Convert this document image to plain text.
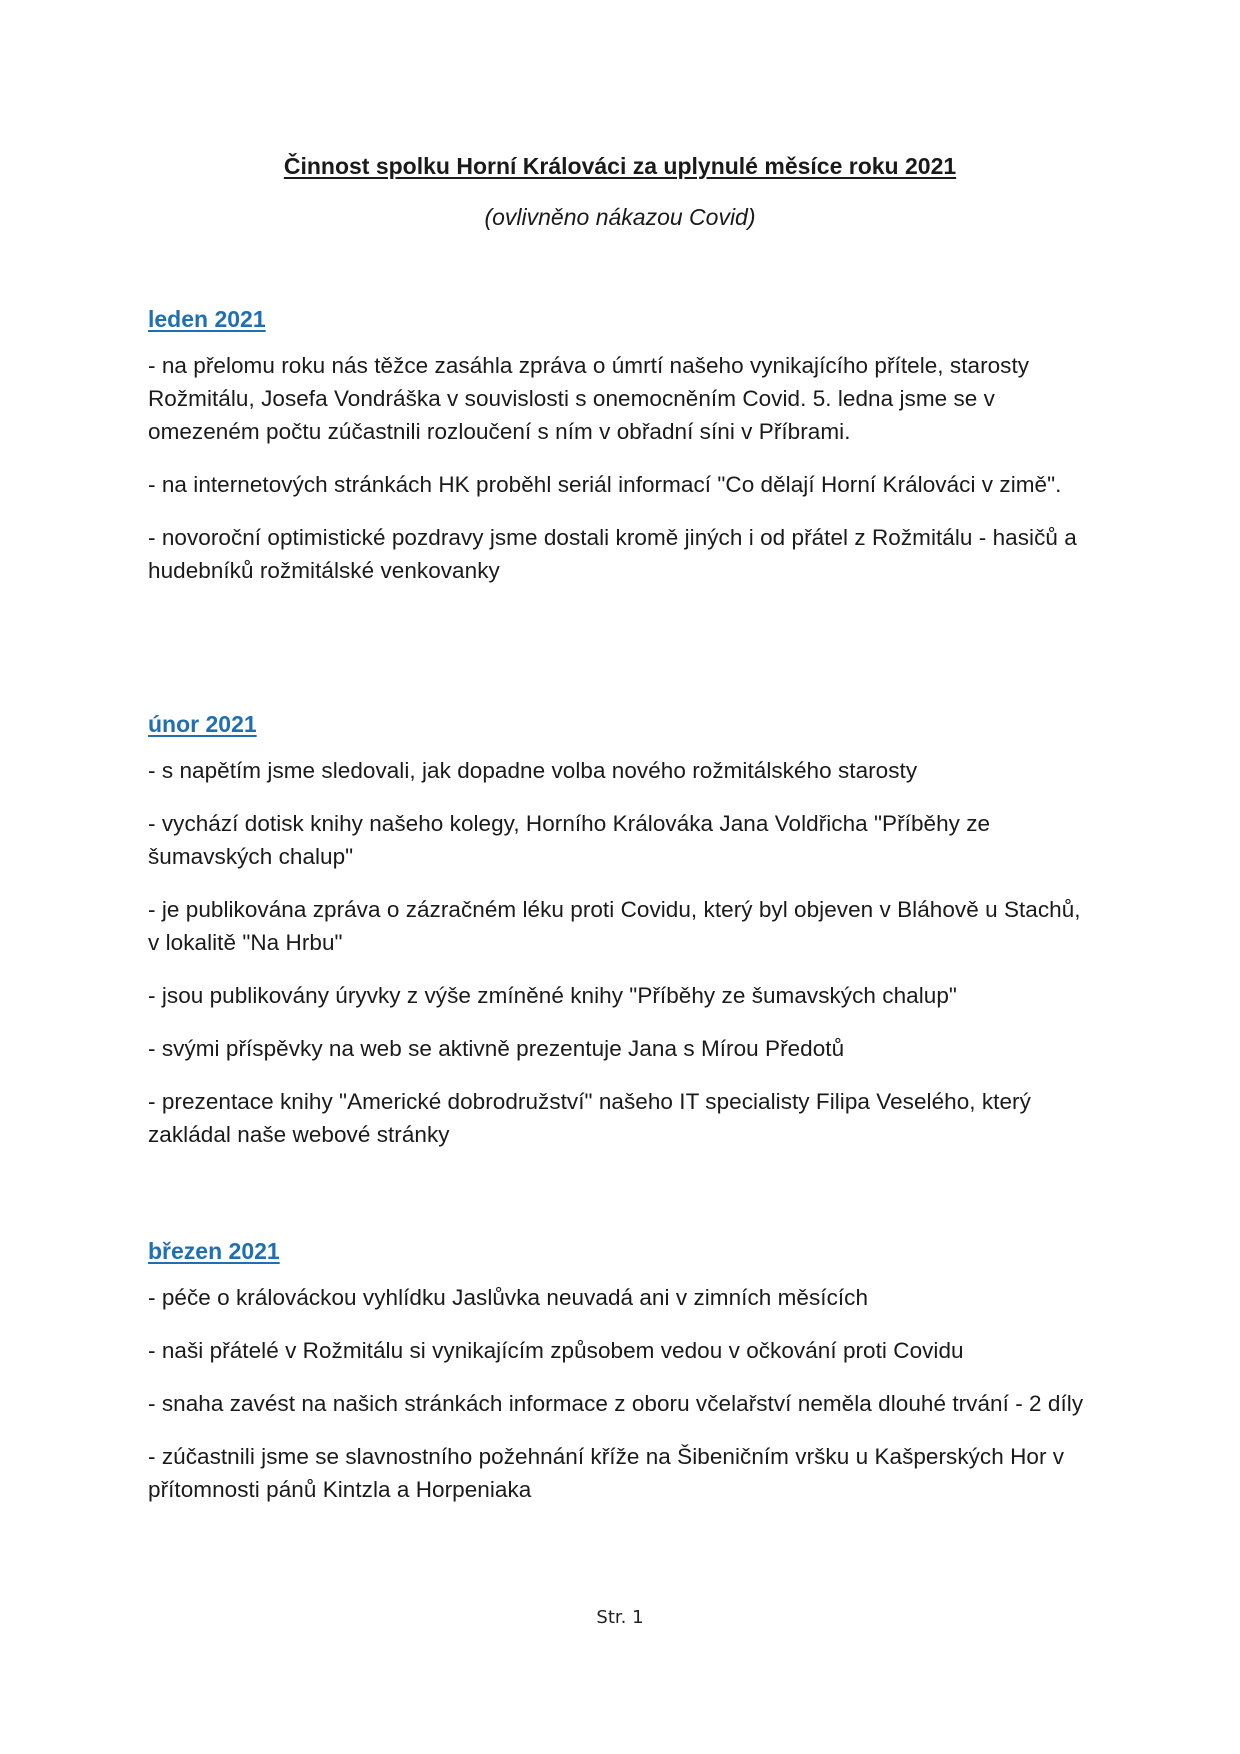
Činnost spolku Horní Králováci za uplynulé měsíce roku 2021
(ovlivněno nákazou Covid)
leden 2021

- na přelomu roku nás těžce zasáhla zpráva o úmrtí našeho vynikajícího přítele, starosty Rožmitálu, Josefa Vondráška v souvislosti s onemocněním Covid. 5. ledna jsme se v omezeném počtu zúčastnili rozloučení s ním v obřadní síni v Příbrami.

- na internetových stránkách HK proběhl seriál informací "Co dělají Horní Králováci v zimě".

- novoroční optimistické pozdravy jsme dostali kromě jiných i od přátel z Rožmitálu - hasičů a hudebníků rožmitálské venkovanky

únor 2021

- s napětím jsme sledovali, jak dopadne volba nového rožmitálského starosty

- vychází dotisk knihy našeho kolegy, Horního Králováka Jana Voldřicha "Příběhy ze šumavských chalup"

- je publikována zpráva o zázračném léku proti Covidu, který byl objeven v Bláhově u Stachů, v lokalitě "Na Hrbu"

- jsou publikovány úryvky z výše zmíněné knihy "Příběhy ze šumavských chalup"

- svými příspěvky na web se aktivně prezentuje Jana s Mírou Předotů

- prezentace knihy "Americké dobrodružství" našeho IT specialisty Filipa Veselého, který zakládal naše webové stránky

březen 2021

- péče o králováckou vyhlídku Jaslůvka neuvadá ani v zimních měsících

- naši přátelé v Rožmitálu si vynikajícím způsobem vedou v očkování proti Covidu

- snaha zavést na našich stránkách informace z oboru včelařství neměla dlouhé trvání - 2 díly

- zúčastnili jsme se slavnostního požehnání kříže na Šibeničním vršku u Kašperských Hor v přítomnosti pánů Kintzla a Horpeniaka

Str. 1
